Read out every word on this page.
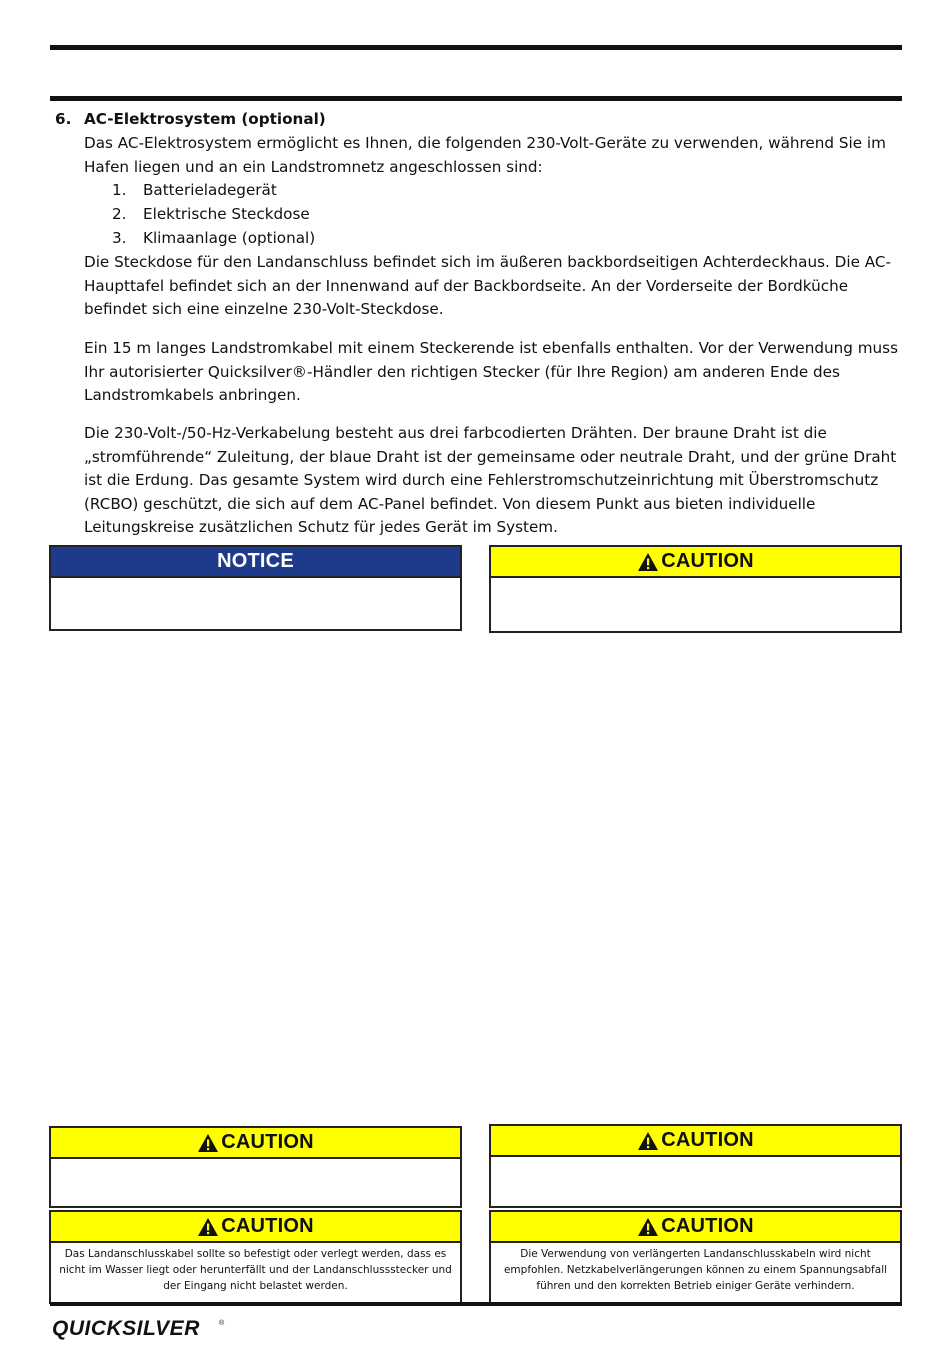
6. AC-Elektrosystem (optional)
Das AC-Elektrosystem ermöglicht es Ihnen, die folgenden 230-Volt-Geräte zu verwenden, während Sie im Hafen liegen und an ein Landstromnetz angeschlossen sind:
1. Batterieladegerät
2. Elektrische Steckdose
3. Klimaanlage (optional)
Die Steckdose für den Landanschluss befindet sich im äußeren backbordseitigen Achterdeckhaus. Die AC-Haupttafel befindet sich an der Innenwand auf der Backbordseite. An der Vorderseite der Bordküche befindet sich eine einzelne 230-Volt-Steckdose.
Ein 15 m langes Landstromkabel mit einem Steckerende ist ebenfalls enthalten. Vor der Verwendung muss Ihr autorisierter Quicksilver®-Händler den richtigen Stecker (für Ihre Region) am anderen Ende des Landstromkabels anbringen.
Die 230-Volt-/50-Hz-Verkabelung besteht aus drei farbcodierten Drähten. Der braune Draht ist die „stromführende“ Zuleitung, der blaue Draht ist der gemeinsame oder neutrale Draht, und der grüne Draht ist die Erdung. Das gesamte System wird durch eine Fehlerstromschutzeinrichtung mit Überstromschutz (RCBO) geschützt, die sich auf dem AC-Panel befindet. Von diesem Punkt aus bieten individuelle Leitungskreise zusätzlichen Schutz für jedes Gerät im System.
NOTICE	CAUTION
CAUTION	CAUTION
CAUTION
Das Landanschlusskabel sollte so befestigt oder verlegt werden, dass es nicht im Wasser liegt oder herunterfällt und der Landanschlussstecker und der Eingang nicht belastet werden.
CAUTION
Die Verwendung von verlängerten Landanschlusskabeln wird nicht empfohlen. Netzkabelverlängerungen können zu einem Spannungsabfall führen und den korrekten Betrieb einiger Geräte verhindern.
QUICKSILVER	®
